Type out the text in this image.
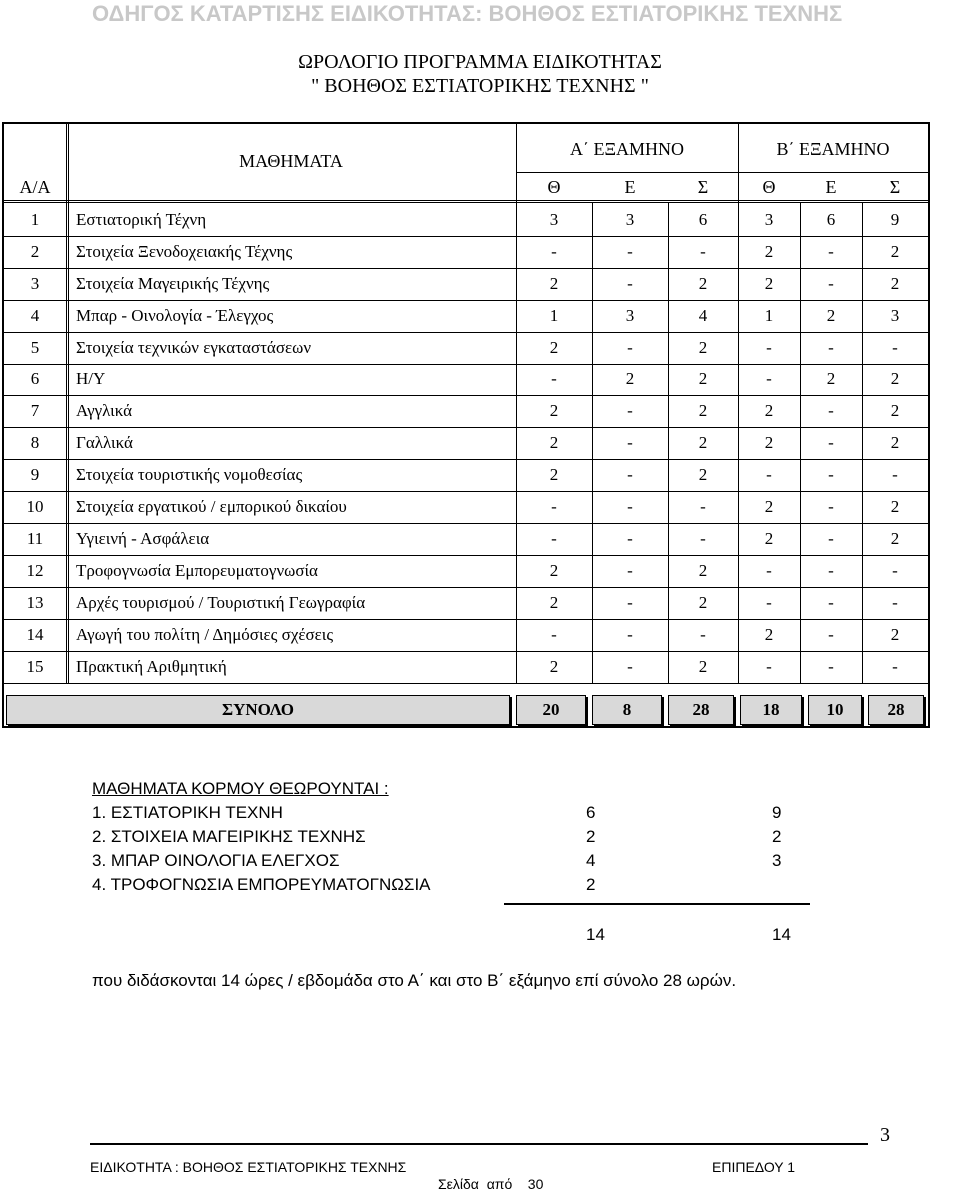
ΟΔΗΓΟΣ ΚΑΤΑΡΤΙΣΗΣ ΕΙΔΙΚΟΤΗΤΑΣ: ΒΟΗΘΟΣ ΕΣΤΙΑΤΟΡΙΚΗΣ ΤΕΧΝΗΣ
ΩΡΟΛΟΓΙΟ ΠΡΟΓΡΑΜΜΑ ΕΙΔΙΚΟΤΗΤΑΣ
" ΒΟΗΘΟΣ ΕΣΤΙΑΤΟΡΙΚΗΣ ΤΕΧΝΗΣ "
ΜΑΘΗΜΑΤΑ
Α΄ ΕΞΑΜΗΝΟ	Β΄ ΕΞΑΜΗΝΟ
Α/Α	Θ	Ε	Σ	Θ	Ε	Σ
1	Εστιατορική Τέχνη	3	3	6	3	6	9
2	Στοιχεία Ξενοδοχειακής Τέχνης	-	-	-	2	-	2
3	Στοιχεία Μαγειρικής Τέχνης	2	-	2	2	-	2
4	Μπαρ - Οινολογία - Έλεγχος	1	3	4	1	2	3
5	Στοιχεία τεχνικών εγκαταστάσεων	2	-	2	-	-	-
6	Η/Υ	-	2	2	-	2	2
7	Αγγλικά	2	-	2	2	-	2
8	Γαλλικά	2	-	2	2	-	2
9	Στοιχεία τουριστικής νομοθεσίας	2	-	2	-	-	-
10	Στοιχεία εργατικού / εμπορικού δικαίου	-	-	-	2	-	2
11	Υγιεινή - Ασφάλεια	-	-	-	2	-	2
12	Τροφογνωσία Εμπορευματογνωσία	2	-	2	-	-	-
13	Αρχές τουρισμού / Τουριστική Γεωγραφία	2	-	2	-	-	-
14	Αγωγή του πολίτη / Δημόσιες σχέσεις	-	-	-	2	-	2
15	Πρακτική Αριθμητική	2	-	2	-	-	-
ΣΥΝΟΛΟ	20	8	28	18	10	28
ΜΑΘΗΜΑΤΑ ΚΟΡΜΟΥ ΘΕΩΡΟΥΝΤΑΙ :
1. ΕΣΤΙΑΤΟΡΙΚΗ ΤΕΧΝΗ	6	9
2. ΣΤΟΙΧΕΙΑ ΜΑΓΕΙΡΙΚΗΣ ΤΕΧΝΗΣ	2	2
3. ΜΠΑΡ ΟΙΝΟΛΟΓΙΑ ΕΛΕΓΧΟΣ	4	3
4. ΤΡΟΦΟΓΝΩΣΙΑ ΕΜΠΟΡΕΥΜΑΤΟΓΝΩΣΙΑ	2
14	14
που διδάσκονται 14 ώρες / εβδομάδα στο Α΄ και στο Β΄ εξάμηνο επί σύνολο 28 ωρών.
3
ΕΙΔΙΚΟΤΗΤΑ : ΒΟΗΘΟΣ ΕΣΤΙΑΤΟΡΙΚΗΣ ΤΕΧΝΗΣ	ΕΠΙΠΕΔΟΥ 1
Σελίδα από 30
